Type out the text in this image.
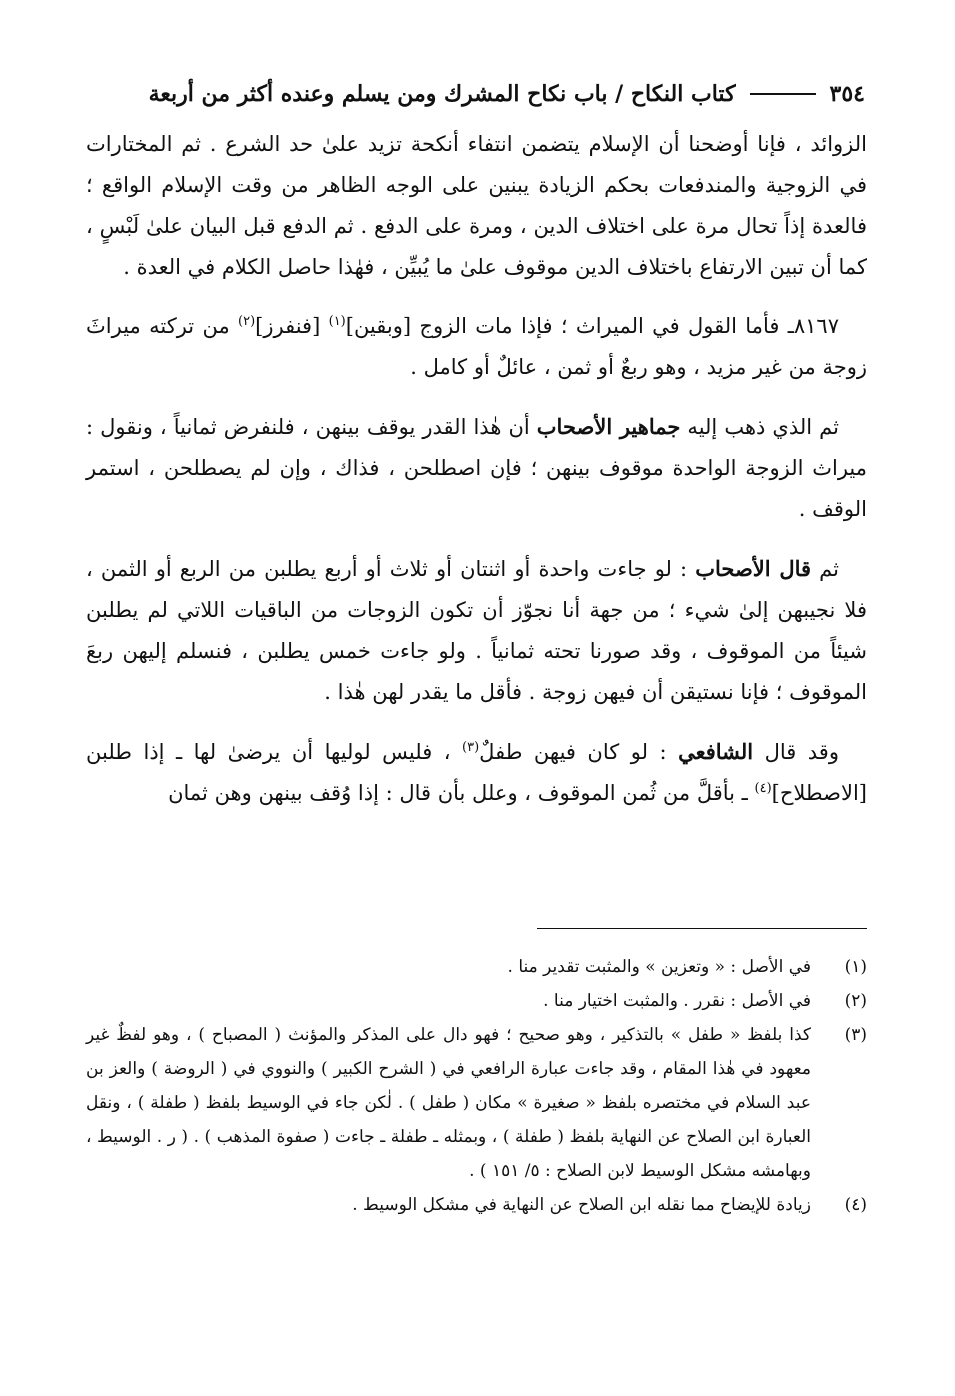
٣٥٤
كتاب النكاح / باب نكاح المشرك ومن يسلم وعنده أكثر من أربعة

الزوائد ، فإنا أوضحنا أن الإسلام يتضمن انتفاء أنكحة تزيد علىٰ حد الشرع . ثم المختارات في الزوجية والمندفعات بحكم الزيادة يبنين على الوجه الظاهر من وقت الإسلام الواقع ؛ فالعدة إذاً تحال مرة على اختلاف الدين ، ومرة على الدفع . ثم الدفع قبل البيان علىٰ لَبْسٍ ، كما أن تبين الارتفاع باختلاف الدين موقوف علىٰ ما يُبيِّن ، فهٰذا حاصل الكلام في العدة .

٨١٦٧ـ فأما القول في الميراث ؛ فإذا مات الزوج [وبقين]$^{(١)}$ [فنفرز]$^{(٢)}$ من تركته ميراثَ زوجة من غير مزيد ، وهو ربعٌ أو ثمن ، عائلٌ أو كامل .

ثم الذي ذهب إليه جماهير الأصحاب أن هٰذا القدر يوقف بينهن ، فلنفرض ثمانياً ، ونقول : ميراث الزوجة الواحدة موقوف بينهن ؛ فإن اصطلحن ، فذاك ، وإن لم يصطلحن ، استمر الوقف .

ثم قال الأصحاب : لو جاءت واحدة أو اثنتان أو ثلاث أو أربع يطلبن من الربع أو الثمن ، فلا نجيبهن إلىٰ شيء ؛ من جهة أنا نجوّز أن تكون الزوجات من الباقيات اللاتي لم يطلبن شيئاً من الموقوف ، وقد صورنا تحته ثمانياً . ولو جاءت خمس يطلبن ، فنسلم إليهن ربعَ الموقوف ؛ فإنا نستيقن أن فيهن زوجة . فأقل ما يقدر لهن هٰذا .

وقد قال الشافعي : لو كان فيهن طفلٌ$^{(٣)}$ ، فليس لوليها أن يرضىٰ لها ـ إذا طلبن [الاصطلاح]$^{(٤)}$ ـ بأقلَّ من ثُمن الموقوف ، وعلل بأن قال : إذا وُقف بينهن وهن ثمان

(١)
في الأصل : « وتعزين » والمثبت تقدير منا .
(٢)
في الأصل : نقرر . والمثبت اختيار منا .
(٣)
كذا بلفظ « طفل » بالتذكير ، وهو صحيح ؛ فهو دال على المذكر والمؤنث ( المصباح ) ، وهو لفظٌ غير معهود في هٰذا المقام ، وقد جاءت عبارة الرافعي في ( الشرح الكبير ) والنووي في ( الروضة ) والعز بن عبد السلام في مختصره بلفظ « صغيرة » مكان ( طفل ) . لٰكن جاء في الوسيط بلفظ ( طفلة ) ، ونقل العبارة ابن الصلاح عن النهاية بلفظ ( طفلة ) ، وبمثله ـ طفلة ـ جاءت ( صفوة المذهب ) . ( ر . الوسيط ، وبهامشه مشكل الوسيط لابن الصلاح : ٥/ ١٥١ ) .
(٤)
زيادة للإيضاح مما نقله ابن الصلاح عن النهاية في مشكل الوسيط .
